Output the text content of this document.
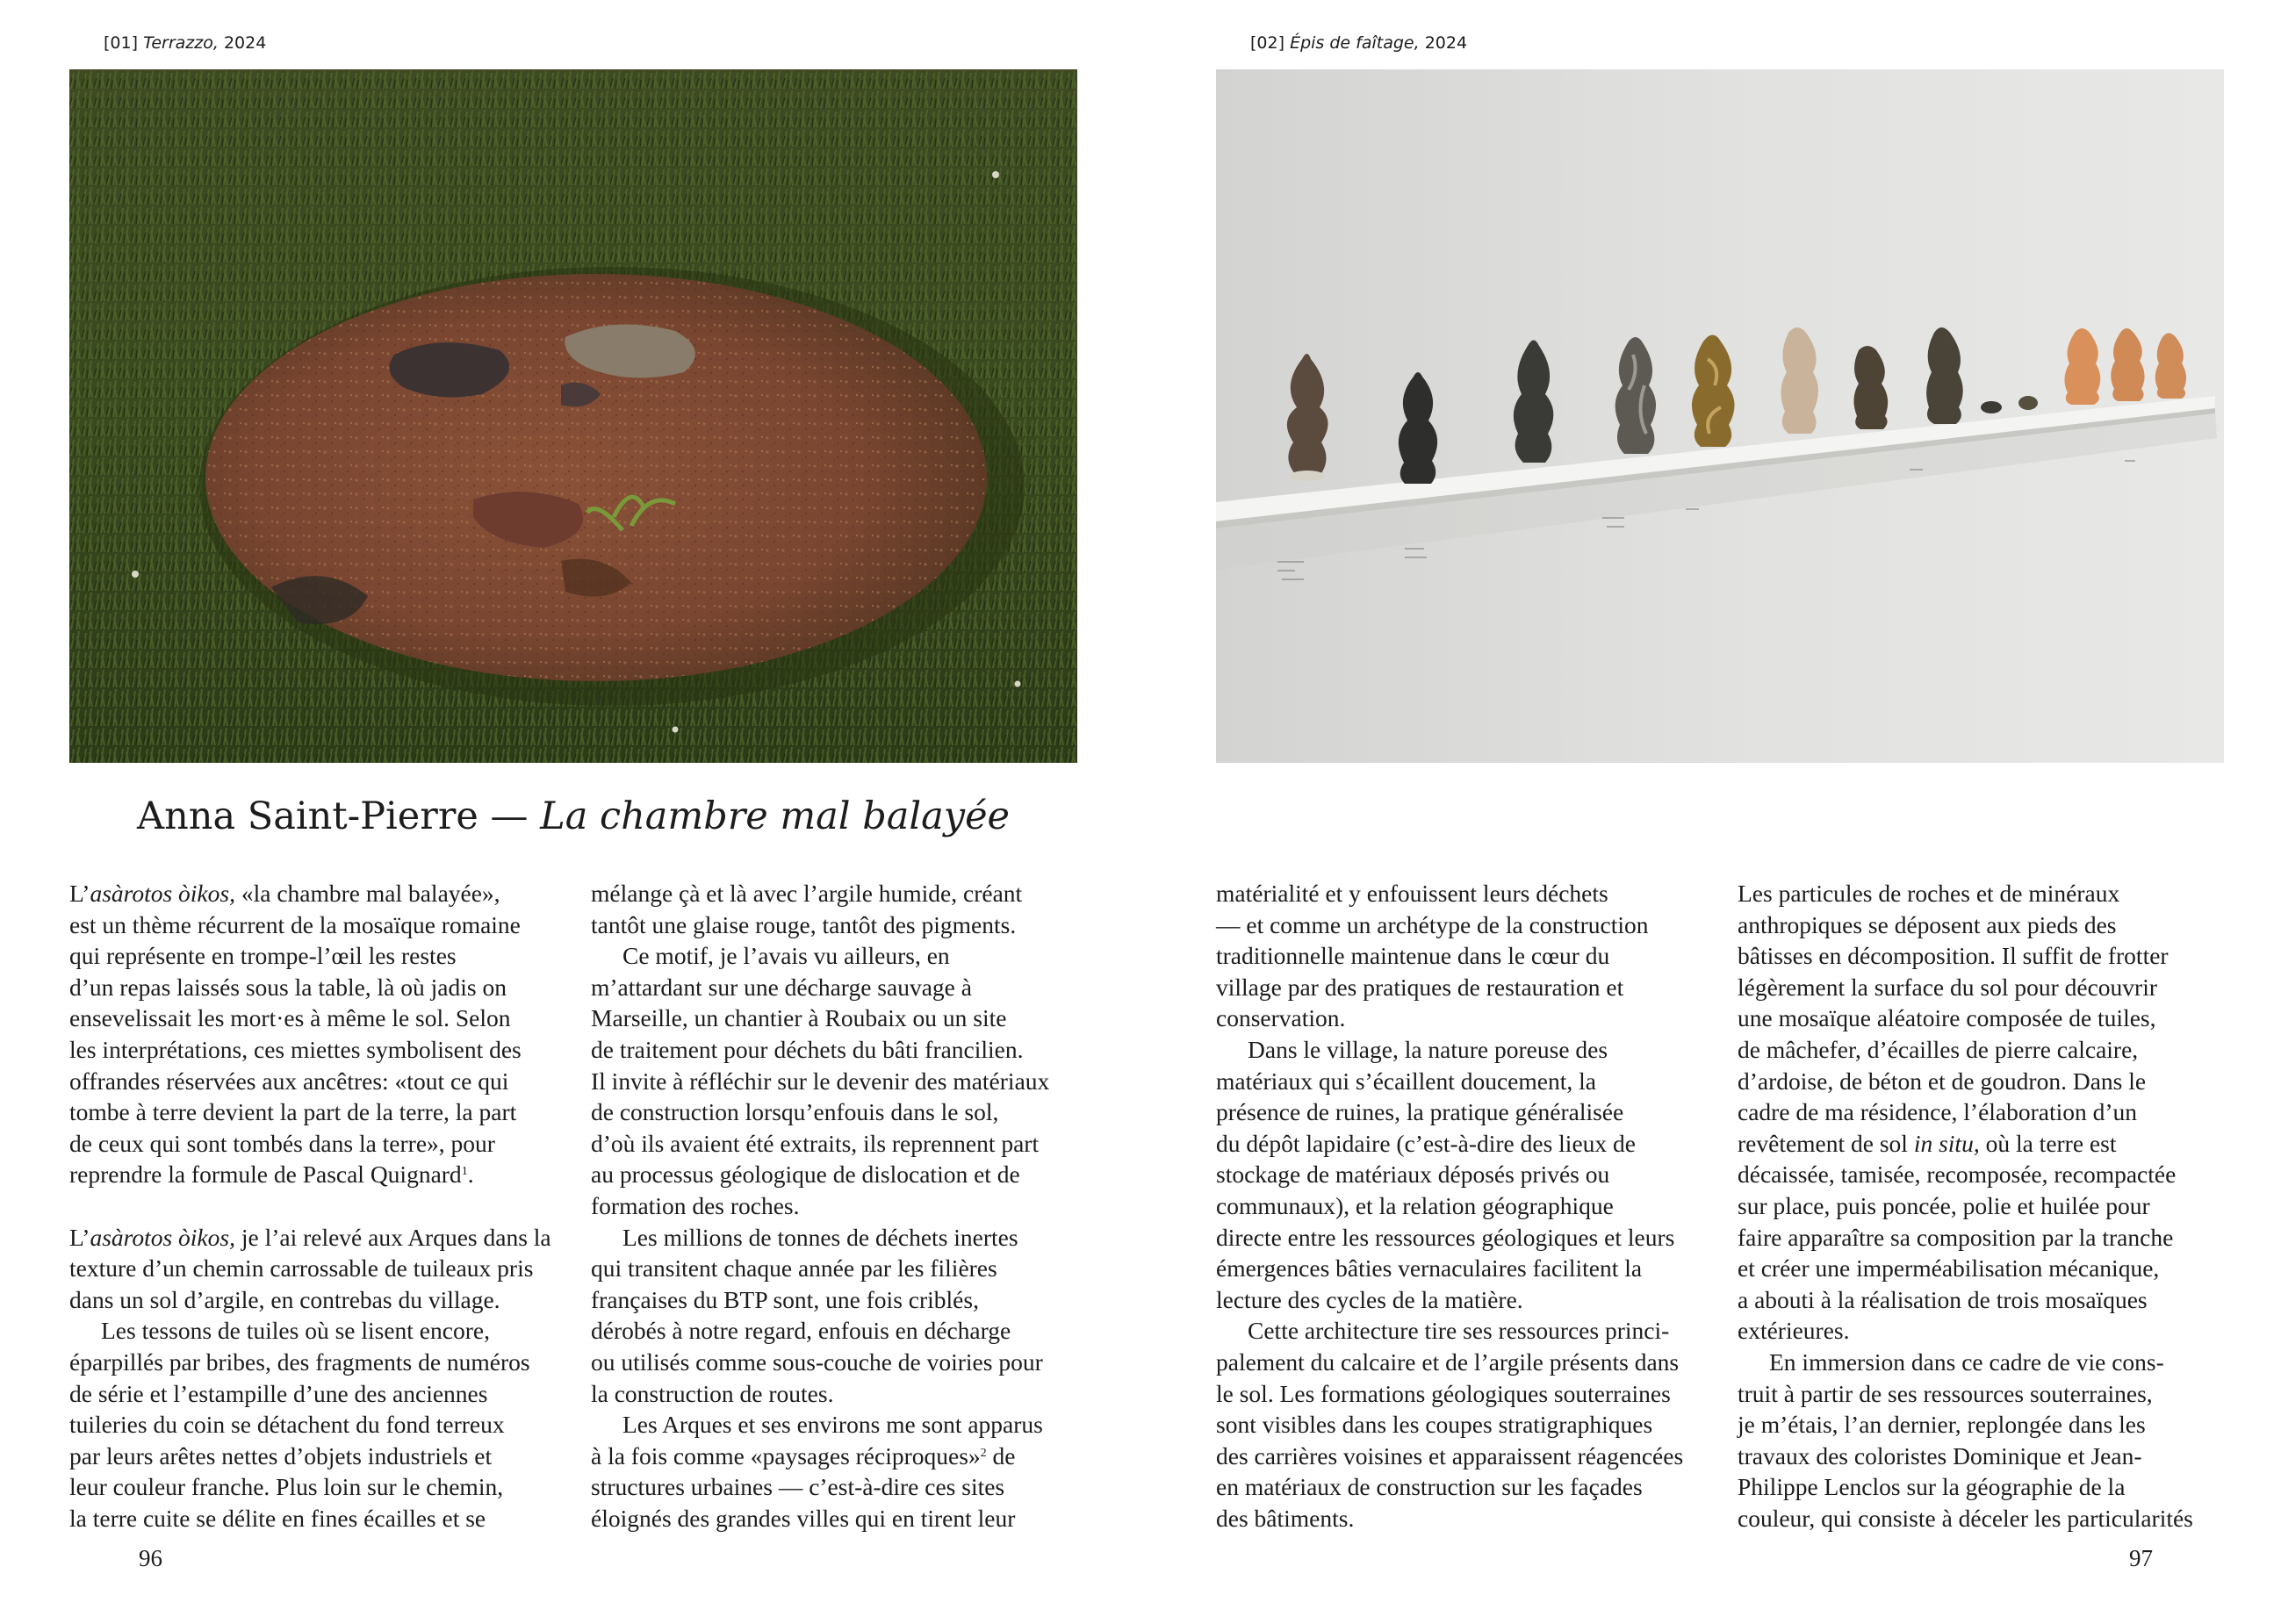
[01] Terrazzo, 2024	[02] Épis de faîtage, 2024
Anna Saint-Pierre — La chambre mal balayée
L’asàrotos òikos, «la chambre mal balayée»,
est un thème récurrent de la mosaïque romaine
qui représente en trompe-l’œil les restes
d’un repas laissés sous la table, là où jadis on
ensevelissait les mort·es à même le sol. Selon
les interprétations, ces miettes symbolisent des
offrandes réservées aux ancêtres: «tout ce qui
tombe à terre devient la part de la terre, la part
de ceux qui sont tombés dans la terre», pour
reprendre la formule de Pascal Quignard$^1$.
L’asàrotos òikos, je l’ai relevé aux Arques dans la
texture d’un chemin carrossable de tuileaux pris
dans un sol d’argile, en contrebas du village.
Les tessons de tuiles où se lisent encore,
éparpillés par bribes, des fragments de numéros
de série et l’estampille d’une des anciennes
tuileries du coin se détachent du fond terreux
par leurs arêtes nettes d’objets industriels et
leur couleur franche. Plus loin sur le chemin,
la terre cuite se délite en fines écailles et se
mélange çà et là avec l’argile humide, créant
tantôt une glaise rouge, tantôt des pigments.
Ce motif, je l’avais vu ailleurs, en
m’attardant sur une décharge sauvage à
Marseille, un chantier à Roubaix ou un site
de traitement pour déchets du bâti francilien.
Il invite à réfléchir sur le devenir des matériaux
de construction lorsqu’enfouis dans le sol,
d’où ils avaient été extraits, ils reprennent part
au processus géologique de dislocation et de
formation des roches.
Les millions de tonnes de déchets inertes
qui transitent chaque année par les filières
françaises du BTP sont, une fois criblés,
dérobés à notre regard, enfouis en décharge
ou utilisés comme sous-couche de voiries pour
la construction de routes.
Les Arques et ses environs me sont apparus
à la fois comme «paysages réciproques»$^2$ de
structures urbaines — c’est-à-dire ces sites
éloignés des grandes villes qui en tirent leur
matérialité et y enfouissent leurs déchets
— et comme un archétype de la construction
traditionnelle maintenue dans le cœur du
village par des pratiques de restauration et
conservation.
Dans le village, la nature poreuse des
matériaux qui s’écaillent doucement, la
présence de ruines, la pratique généralisée
du dépôt lapidaire (c’est-à-dire des lieux de
stockage de matériaux déposés privés ou
communaux), et la relation géographique
directe entre les ressources géologiques et leurs
émergences bâties vernaculaires facilitent la
lecture des cycles de la matière.
Cette architecture tire ses ressources princi-
palement du calcaire et de l’argile présents dans
le sol. Les formations géologiques souterraines
sont visibles dans les coupes stratigraphiques
des carrières voisines et apparaissent réagencées
en matériaux de construction sur les façades
des bâtiments.
Les particules de roches et de minéraux
anthropiques se déposent aux pieds des
bâtisses en décomposition. Il suffit de frotter
légèrement la surface du sol pour découvrir
une mosaïque aléatoire composée de tuiles,
de mâchefer, d’écailles de pierre calcaire,
d’ardoise, de béton et de goudron. Dans le
cadre de ma résidence, l’élaboration d’un
revêtement de sol in situ, où la terre est
décaissée, tamisée, recomposée, recompactée
sur place, puis poncée, polie et huilée pour
faire apparaître sa composition par la tranche
et créer une imperméabilisation mécanique,
a abouti à la réalisation de trois mosaïques
extérieures.
En immersion dans ce cadre de vie cons-
truit à partir de ses ressources souterraines,
je m’étais, l’an dernier, replongée dans les
travaux des coloristes Dominique et Jean-
Philippe Lenclos sur la géographie de la
couleur, qui consiste à déceler les particularités
96	97
